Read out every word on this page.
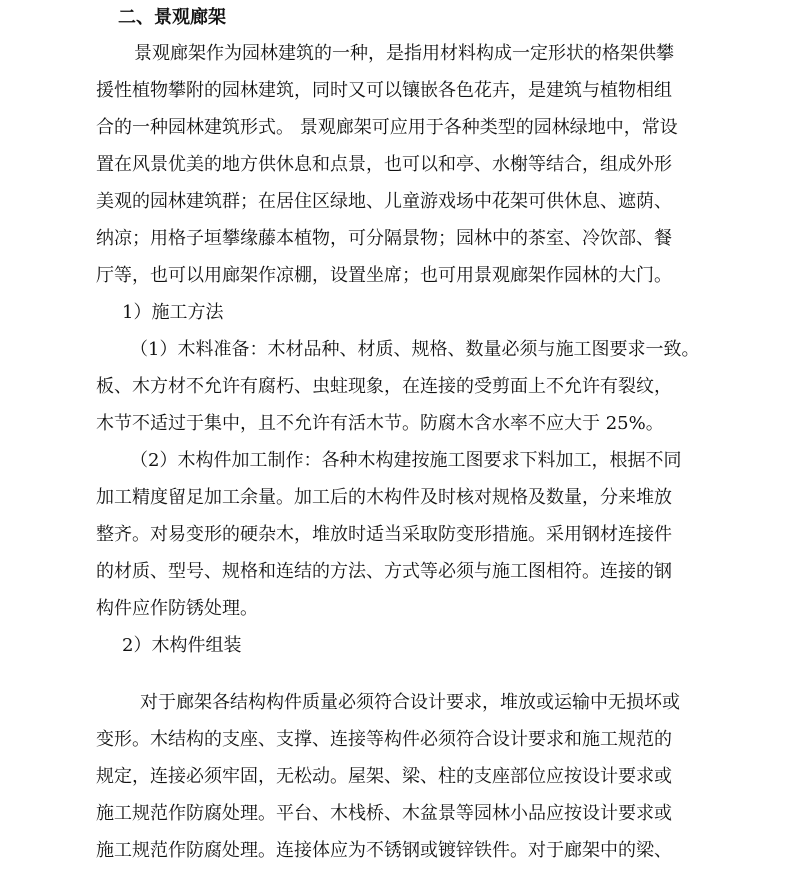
二、景观廊架
景观廊架作为园林建筑的一种，是指用材料构成一定形状的格架供攀
援性植物攀附的园林建筑，同时又可以镶嵌各色花卉，是建筑与植物相组
合的一种园林建筑形式。 景观廊架可应用于各种类型的园林绿地中，常设
置在风景优美的地方供休息和点景，也可以和亭、水榭等结合，组成外形
美观的园林建筑群；在居住区绿地、儿童游戏场中花架可供休息、遮荫、
纳凉；用格子垣攀缘藤本植物，可分隔景物；园林中的茶室、冷饮部、餐
厅等，也可以用廊架作凉棚，设置坐席；也可用景观廊架作园林的大门。
1）施工方法
（1）木料准备：木材品种、材质、规格、数量必须与施工图要求一致。
板、木方材不允许有腐朽、虫蛀现象，在连接的受剪面上不允许有裂纹，
木节不适过于集中，且不允许有活木节。防腐木含水率不应大于 25%。
（2）木构件加工制作：各种木构建按施工图要求下料加工，根据不同
加工精度留足加工余量。加工后的木构件及时核对规格及数量，分来堆放
整齐。对易变形的硬杂木，堆放时适当采取防变形措施。采用钢材连接件
的材质、型号、规格和连结的方法、方式等必须与施工图相符。连接的钢
构件应作防锈处理。
2）木构件组装
对于廊架各结构构件质量必须符合设计要求，堆放或运输中无损坏或
变形。木结构的支座、支撑、连接等构件必须符合设计要求和施工规范的
规定，连接必须牢固，无松动。屋架、梁、柱的支座部位应按设计要求或
施工规范作防腐处理。平台、木栈桥、木盆景等园林小品应按设计要求或
施工规范作防腐处理。连接体应为不锈钢或镀锌铁件。对于廊架中的梁、
